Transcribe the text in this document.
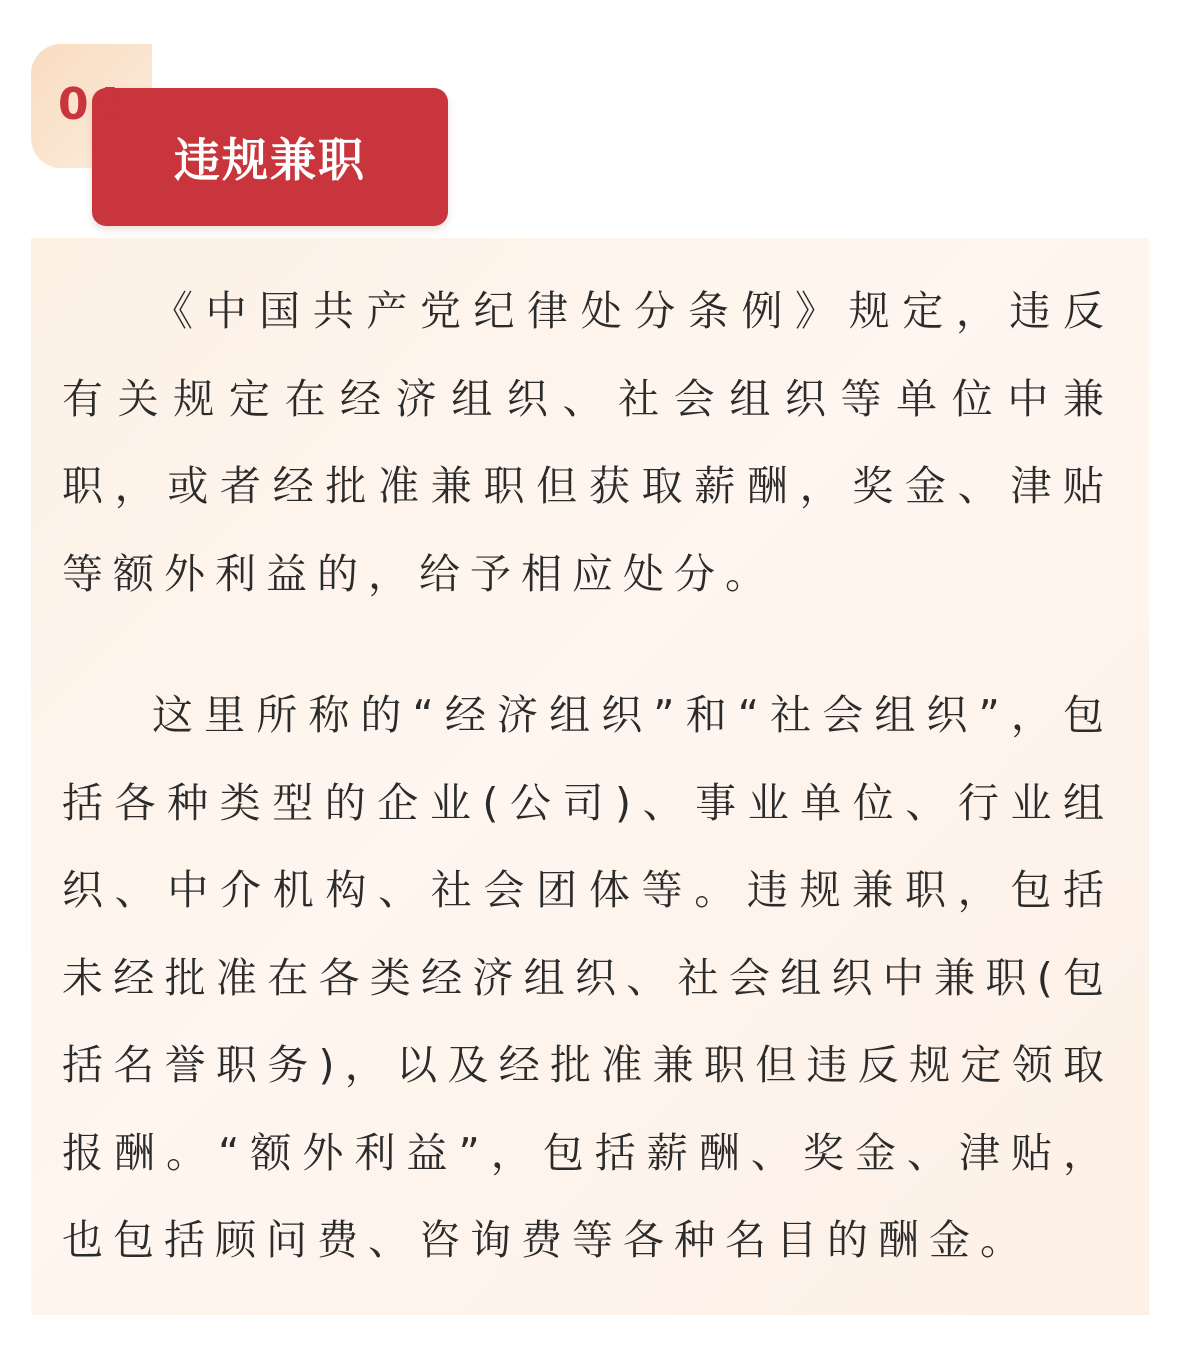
04
违规兼职

《中国共产党纪律处分条例》规定，违反有关规定在经济组织、社会组织等单位中兼职，或者经批准兼职但获取薪酬，奖金、津贴等额外利益的，给予相应处分。

这里所称的“经济组织”和“社会组织”，包括各种类型的企业(公司)、事业单位、行业组织、中介机构、社会团体等。违规兼职，包括未经批准在各类经济组织、社会组织中兼职(包括名誉职务)，以及经批准兼职但违反规定领取报酬。“额外利益”，包括薪酬、奖金、津贴，也包括顾问费、咨询费等各种名目的酬金。
